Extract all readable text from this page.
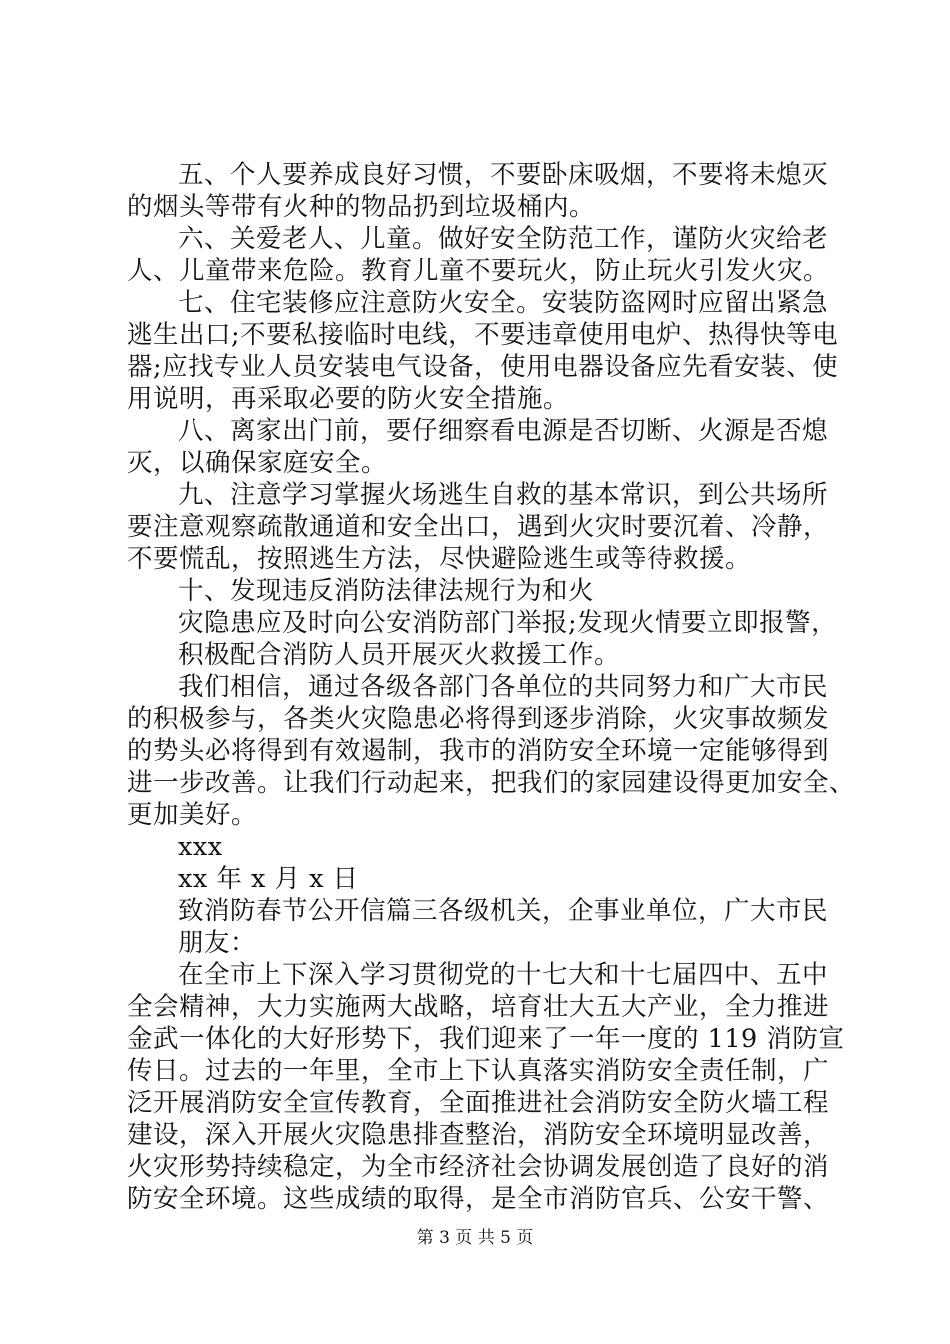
五、个人要养成良好习惯，不要卧床吸烟，不要将未熄灭
的烟头等带有火种的物品扔到垃圾桶内。
六、关爱老人、儿童。做好安全防范工作，谨防火灾给老
人、儿童带来危险。教育儿童不要玩火，防止玩火引发火灾。
七、住宅装修应注意防火安全。安装防盗网时应留出紧急
逃生出口;不要私接临时电线，不要违章使用电炉、热得快等电
器;应找专业人员安装电气设备，使用电器设备应先看安装、使
用说明，再采取必要的防火安全措施。
八、离家出门前，要仔细察看电源是否切断、火源是否熄
灭，以确保家庭安全。
九、注意学习掌握火场逃生自救的基本常识，到公共场所
要注意观察疏散通道和安全出口，遇到火灾时要沉着、冷静，
不要慌乱，按照逃生方法，尽快避险逃生或等待救援。
十、发现违反消防法律法规行为和火
灾隐患应及时向公安消防部门举报;发现火情要立即报警，
积极配合消防人员开展灭火救援工作。
我们相信，通过各级各部门各单位的共同努力和广大市民
的积极参与，各类火灾隐患必将得到逐步消除，火灾事故频发
的势头必将得到有效遏制，我市的消防安全环境一定能够得到
进一步改善。让我们行动起来，把我们的家园建设得更加安全、
更加美好。
xxx
xx 年 x 月 x 日
致消防春节公开信篇三各级机关，企事业单位，广大市民
朋友：
在全市上下深入学习贯彻党的十七大和十七届四中、五中
全会精神，大力实施两大战略，培育壮大五大产业，全力推进
金武一体化的大好形势下，我们迎来了一年一度的 119 消防宣
传日。过去的一年里，全市上下认真落实消防安全责任制，广
泛开展消防安全宣传教育，全面推进社会消防安全防火墙工程
建设，深入开展火灾隐患排查整治，消防安全环境明显改善，
火灾形势持续稳定，为全市经济社会协调发展创造了良好的消
防安全环境。这些成绩的取得，是全市消防官兵、公安干警、
第 3 页 共 5 页
